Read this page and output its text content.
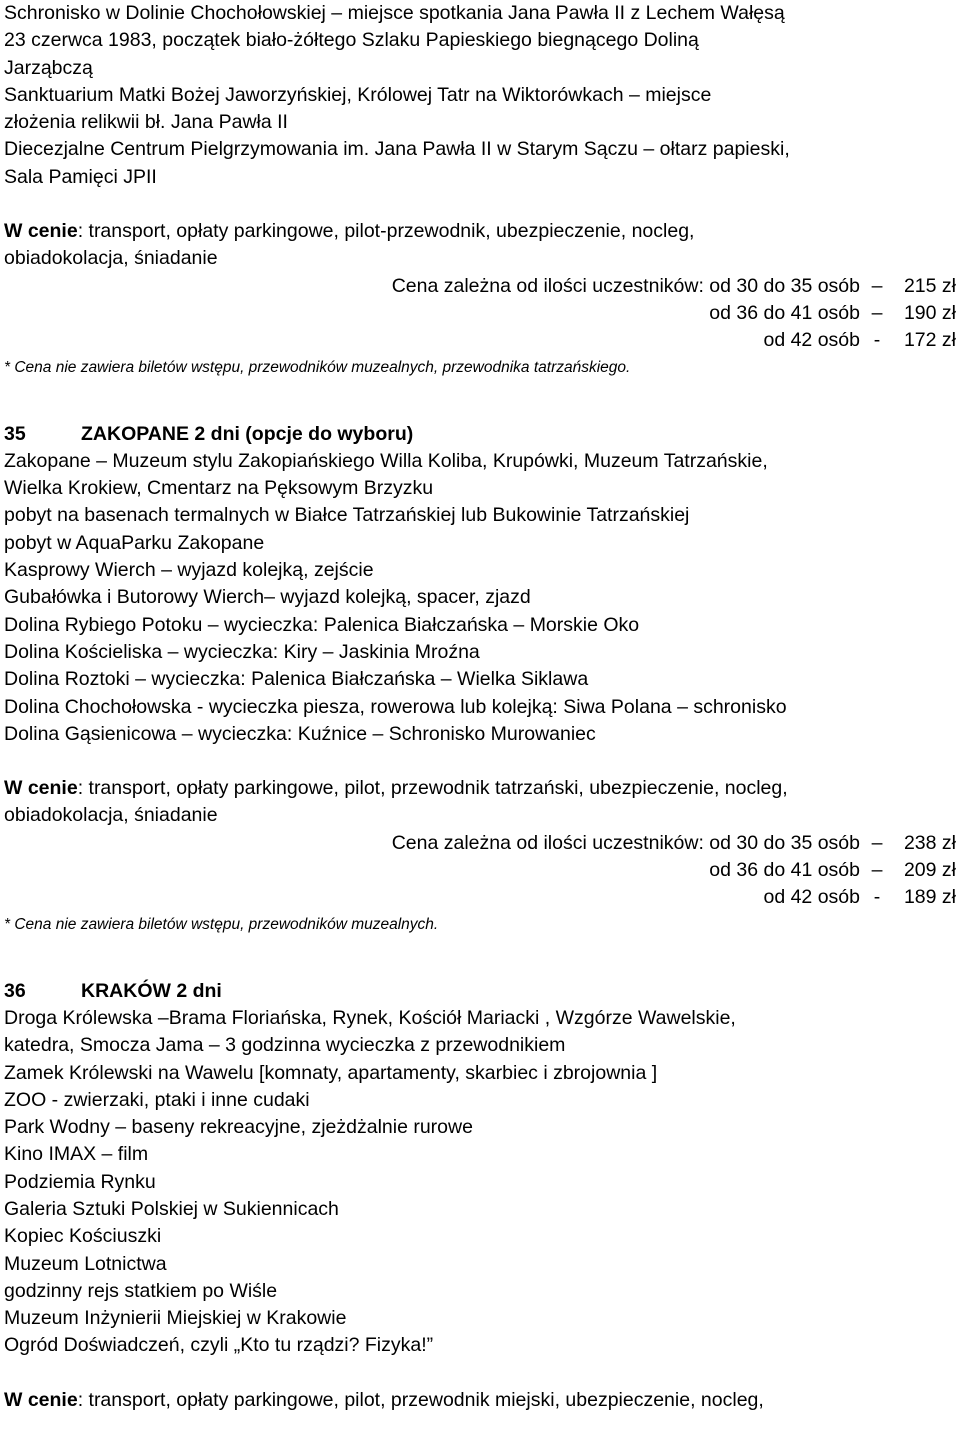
Schronisko w Dolinie Chochołowskiej – miejsce spotkania Jana Pawła II z Lechem Wałęsą
23 czerwca 1983, początek biało-żółtego Szlaku Papieskiego biegnącego Doliną
Jarząbczą
Sanktuarium Matki Bożej Jaworzyńskiej, Królowej Tatr na Wiktorówkach – miejsce
złożenia relikwii bł. Jana Pawła II
Diecezjalne Centrum Pielgrzymowania im. Jana Pawła II w Starym Sączu – ołtarz papieski,
Sala Pamięci JPII
W cenie: transport, opłaty parkingowe, pilot-przewodnik, ubezpieczenie, nocleg,
obiadokolacja, śniadanie
Cena zależna od ilości uczestników: od 30 do 35 osób –	215 zł
od 36 do 41 osób –	190 zł
od 42 osób -	172 zł
* Cena nie zawiera biletów wstępu, przewodników muzealnych, przewodnika tatrzańskiego.
35	ZAKOPANE 2 dni (opcje do wyboru)
Zakopane – Muzeum stylu Zakopiańskiego Willa Koliba, Krupówki, Muzeum Tatrzańskie,
Wielka Krokiew, Cmentarz na Pęksowym Brzyzku
pobyt na basenach termalnych w Białce Tatrzańskiej lub Bukowinie Tatrzańskiej
pobyt w AquaParku Zakopane
Kasprowy Wierch – wyjazd kolejką, zejście
Gubałówka i Butorowy Wierch– wyjazd kolejką, spacer, zjazd
Dolina Rybiego Potoku – wycieczka: Palenica Białczańska – Morskie Oko
Dolina Kościeliska – wycieczka: Kiry – Jaskinia Mroźna
Dolina Roztoki – wycieczka: Palenica Białczańska – Wielka Siklawa
Dolina Chochołowska - wycieczka piesza, rowerowa lub kolejką: Siwa Polana – schronisko
Dolina Gąsienicowa – wycieczka: Kuźnice – Schronisko Murowaniec
W cenie: transport, opłaty parkingowe, pilot, przewodnik tatrzański, ubezpieczenie, nocleg,
obiadokolacja, śniadanie
Cena zależna od ilości uczestników: od 30 do 35 osób –	238 zł
od 36 do 41 osób –	209 zł
od 42 osób -	189 zł
* Cena nie zawiera biletów wstępu, przewodników muzealnych.
36	KRAKÓW 2 dni
Droga Królewska –Brama Floriańska, Rynek, Kościół Mariacki , Wzgórze Wawelskie,
katedra, Smocza Jama – 3 godzinna wycieczka z przewodnikiem
Zamek Królewski na Wawelu [komnaty, apartamenty, skarbiec i zbrojownia ]
ZOO - zwierzaki, ptaki i inne cudaki
Park Wodny – baseny rekreacyjne, zjeżdżalnie rurowe
Kino IMAX – film
Podziemia Rynku
Galeria Sztuki Polskiej w Sukiennicach
Kopiec Kościuszki
Muzeum Lotnictwa
godzinny rejs statkiem po Wiśle
Muzeum Inżynierii Miejskiej w Krakowie
Ogród Doświadczeń, czyli „Kto tu rządzi? Fizyka!”
W cenie: transport, opłaty parkingowe, pilot, przewodnik miejski, ubezpieczenie, nocleg,
